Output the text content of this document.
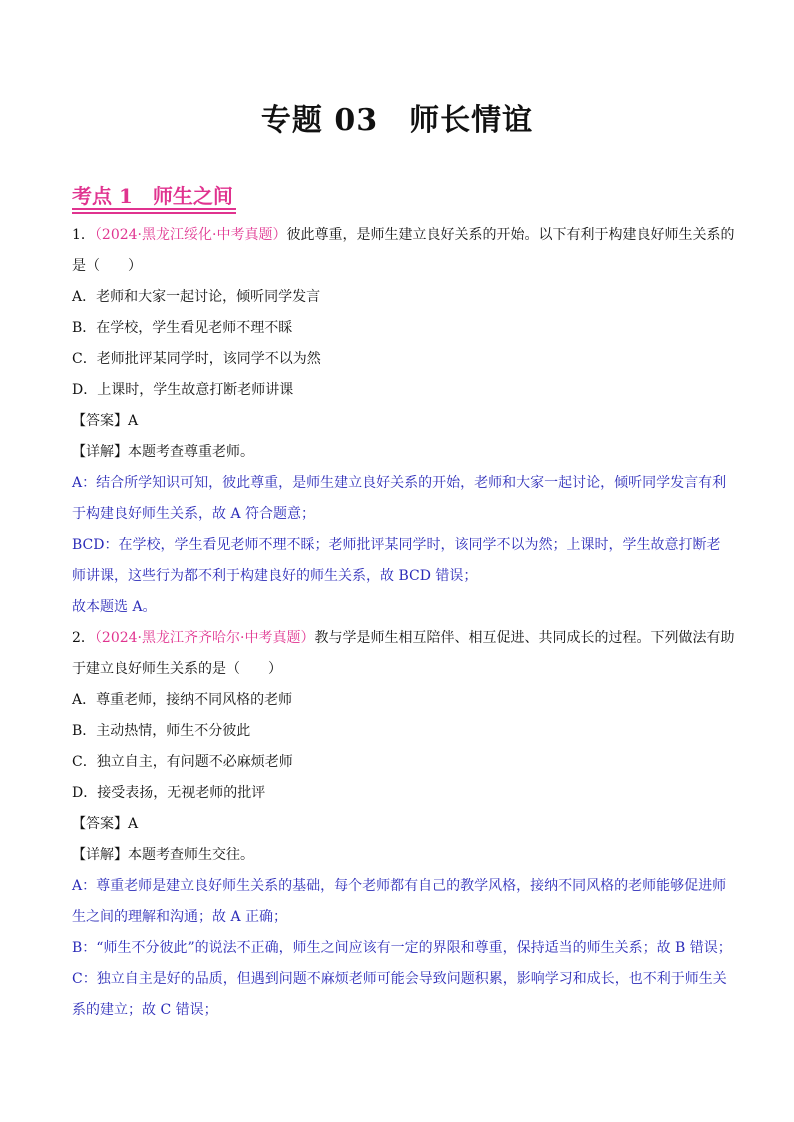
专题 03　师长情谊
考点 1　师生之间
1．（2024·黑龙江绥化·中考真题）彼此尊重，是师生建立良好关系的开始。以下有利于构建良好师生关系的
是（　　）
A．老师和大家一起讨论，倾听同学发言
B．在学校，学生看见老师不理不睬
C．老师批评某同学时，该同学不以为然
D．上课时，学生故意打断老师讲课
【答案】A
【详解】本题考查尊重老师。
A：结合所学知识可知，彼此尊重，是师生建立良好关系的开始，老师和大家一起讨论，倾听同学发言有利
于构建良好师生关系，故 A 符合题意；
BCD：在学校，学生看见老师不理不睬；老师批评某同学时，该同学不以为然；上课时，学生故意打断老
师讲课，这些行为都不利于构建良好的师生关系，故 BCD 错误；
故本题选 A。
2．（2024·黑龙江齐齐哈尔·中考真题）教与学是师生相互陪伴、相互促进、共同成长的过程。下列做法有助
于建立良好师生关系的是（　　）
A．尊重老师，接纳不同风格的老师
B．主动热情，师生不分彼此
C．独立自主，有问题不必麻烦老师
D．接受表扬，无视老师的批评
【答案】A
【详解】本题考查师生交往。
A：尊重老师是建立良好师生关系的基础，每个老师都有自己的教学风格，接纳不同风格的老师能够促进师
生之间的理解和沟通；故 A 正确；
B：“师生不分彼此”的说法不正确，师生之间应该有一定的界限和尊重，保持适当的师生关系；故 B 错误；
C：独立自主是好的品质，但遇到问题不麻烦老师可能会导致问题积累，影响学习和成长，也不利于师生关
系的建立；故 C 错误；
